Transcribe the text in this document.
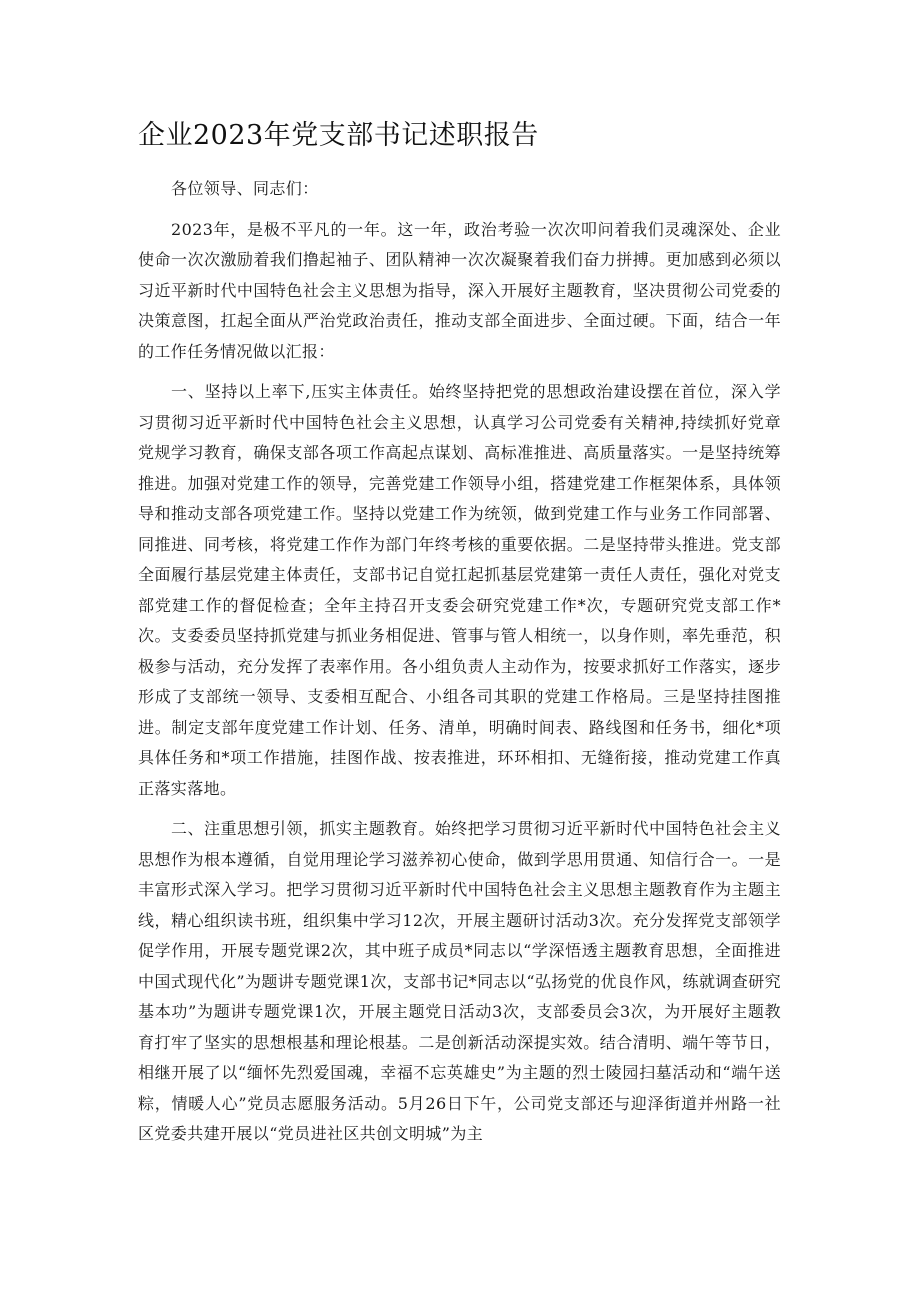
企业2023年党支部书记述职报告

各位领导、同志们：

2023年，是极不平凡的一年。这一年，政治考验一次次叩问着我们灵魂深处、企业使命一次次激励着我们撸起袖子、团队精神一次次凝聚着我们奋力拼搏。更加感到必须以习近平新时代中国特色社会主义思想为指导，深入开展好主题教育，坚决贯彻公司党委的决策意图，扛起全面从严治党政治责任，推动支部全面进步、全面过硬。下面，结合一年的工作任务情况做以汇报：

一、坚持以上率下,压实主体责任。始终坚持把党的思想政治建设摆在首位，深入学习贯彻习近平新时代中国特色社会主义思想，认真学习公司党委有关精神,持续抓好党章党规学习教育，确保支部各项工作高起点谋划、高标准推进、高质量落实。一是坚持统筹推进。加强对党建工作的领导，完善党建工作领导小组，搭建党建工作框架体系，具体领导和推动支部各项党建工作。坚持以党建工作为统领，做到党建工作与业务工作同部署、同推进、同考核，将党建工作作为部门年终考核的重要依据。二是坚持带头推进。党支部全面履行基层党建主体责任，支部书记自觉扛起抓基层党建第一责任人责任，强化对党支部党建工作的督促检查；全年主持召开支委会研究党建工作*次，专题研究党支部工作*次。支委委员坚持抓党建与抓业务相促进、管事与管人相统一，以身作则，率先垂范，积极参与活动，充分发挥了表率作用。各小组负责人主动作为，按要求抓好工作落实，逐步形成了支部统一领导、支委相互配合、小组各司其职的党建工作格局。三是坚持挂图推进。制定支部年度党建工作计划、任务、清单，明确时间表、路线图和任务书，细化*项具体任务和*项工作措施，挂图作战、按表推进，环环相扣、无缝衔接，推动党建工作真正落实落地。

二、注重思想引领，抓实主题教育。始终把学习贯彻习近平新时代中国特色社会主义思想作为根本遵循，自觉用理论学习滋养初心使命，做到学思用贯通、知信行合一。一是丰富形式深入学习。把学习贯彻习近平新时代中国特色社会主义思想主题教育作为主题主线，精心组织读书班，组织集中学习12次，开展主题研讨活动3次。充分发挥党支部领学促学作用，开展专题党课2次，其中班子成员*同志以“学深悟透主题教育思想，全面推进中国式现代化”为题讲专题党课1次，支部书记*同志以“弘扬党的优良作风，练就调查研究基本功”为题讲专题党课1次，开展主题党日活动3次，支部委员会3次，为开展好主题教育打牢了坚实的思想根基和理论根基。二是创新活动深提实效。结合清明、端午等节日，相继开展了以“缅怀先烈爱国魂，幸福不忘英雄史”为主题的烈士陵园扫墓活动和“端午送粽，情暖人心”党员志愿服务活动。5月26日下午，公司党支部还与迎泽街道并州路一社区党委共建开展以“党员进社区共创文明城”为主
